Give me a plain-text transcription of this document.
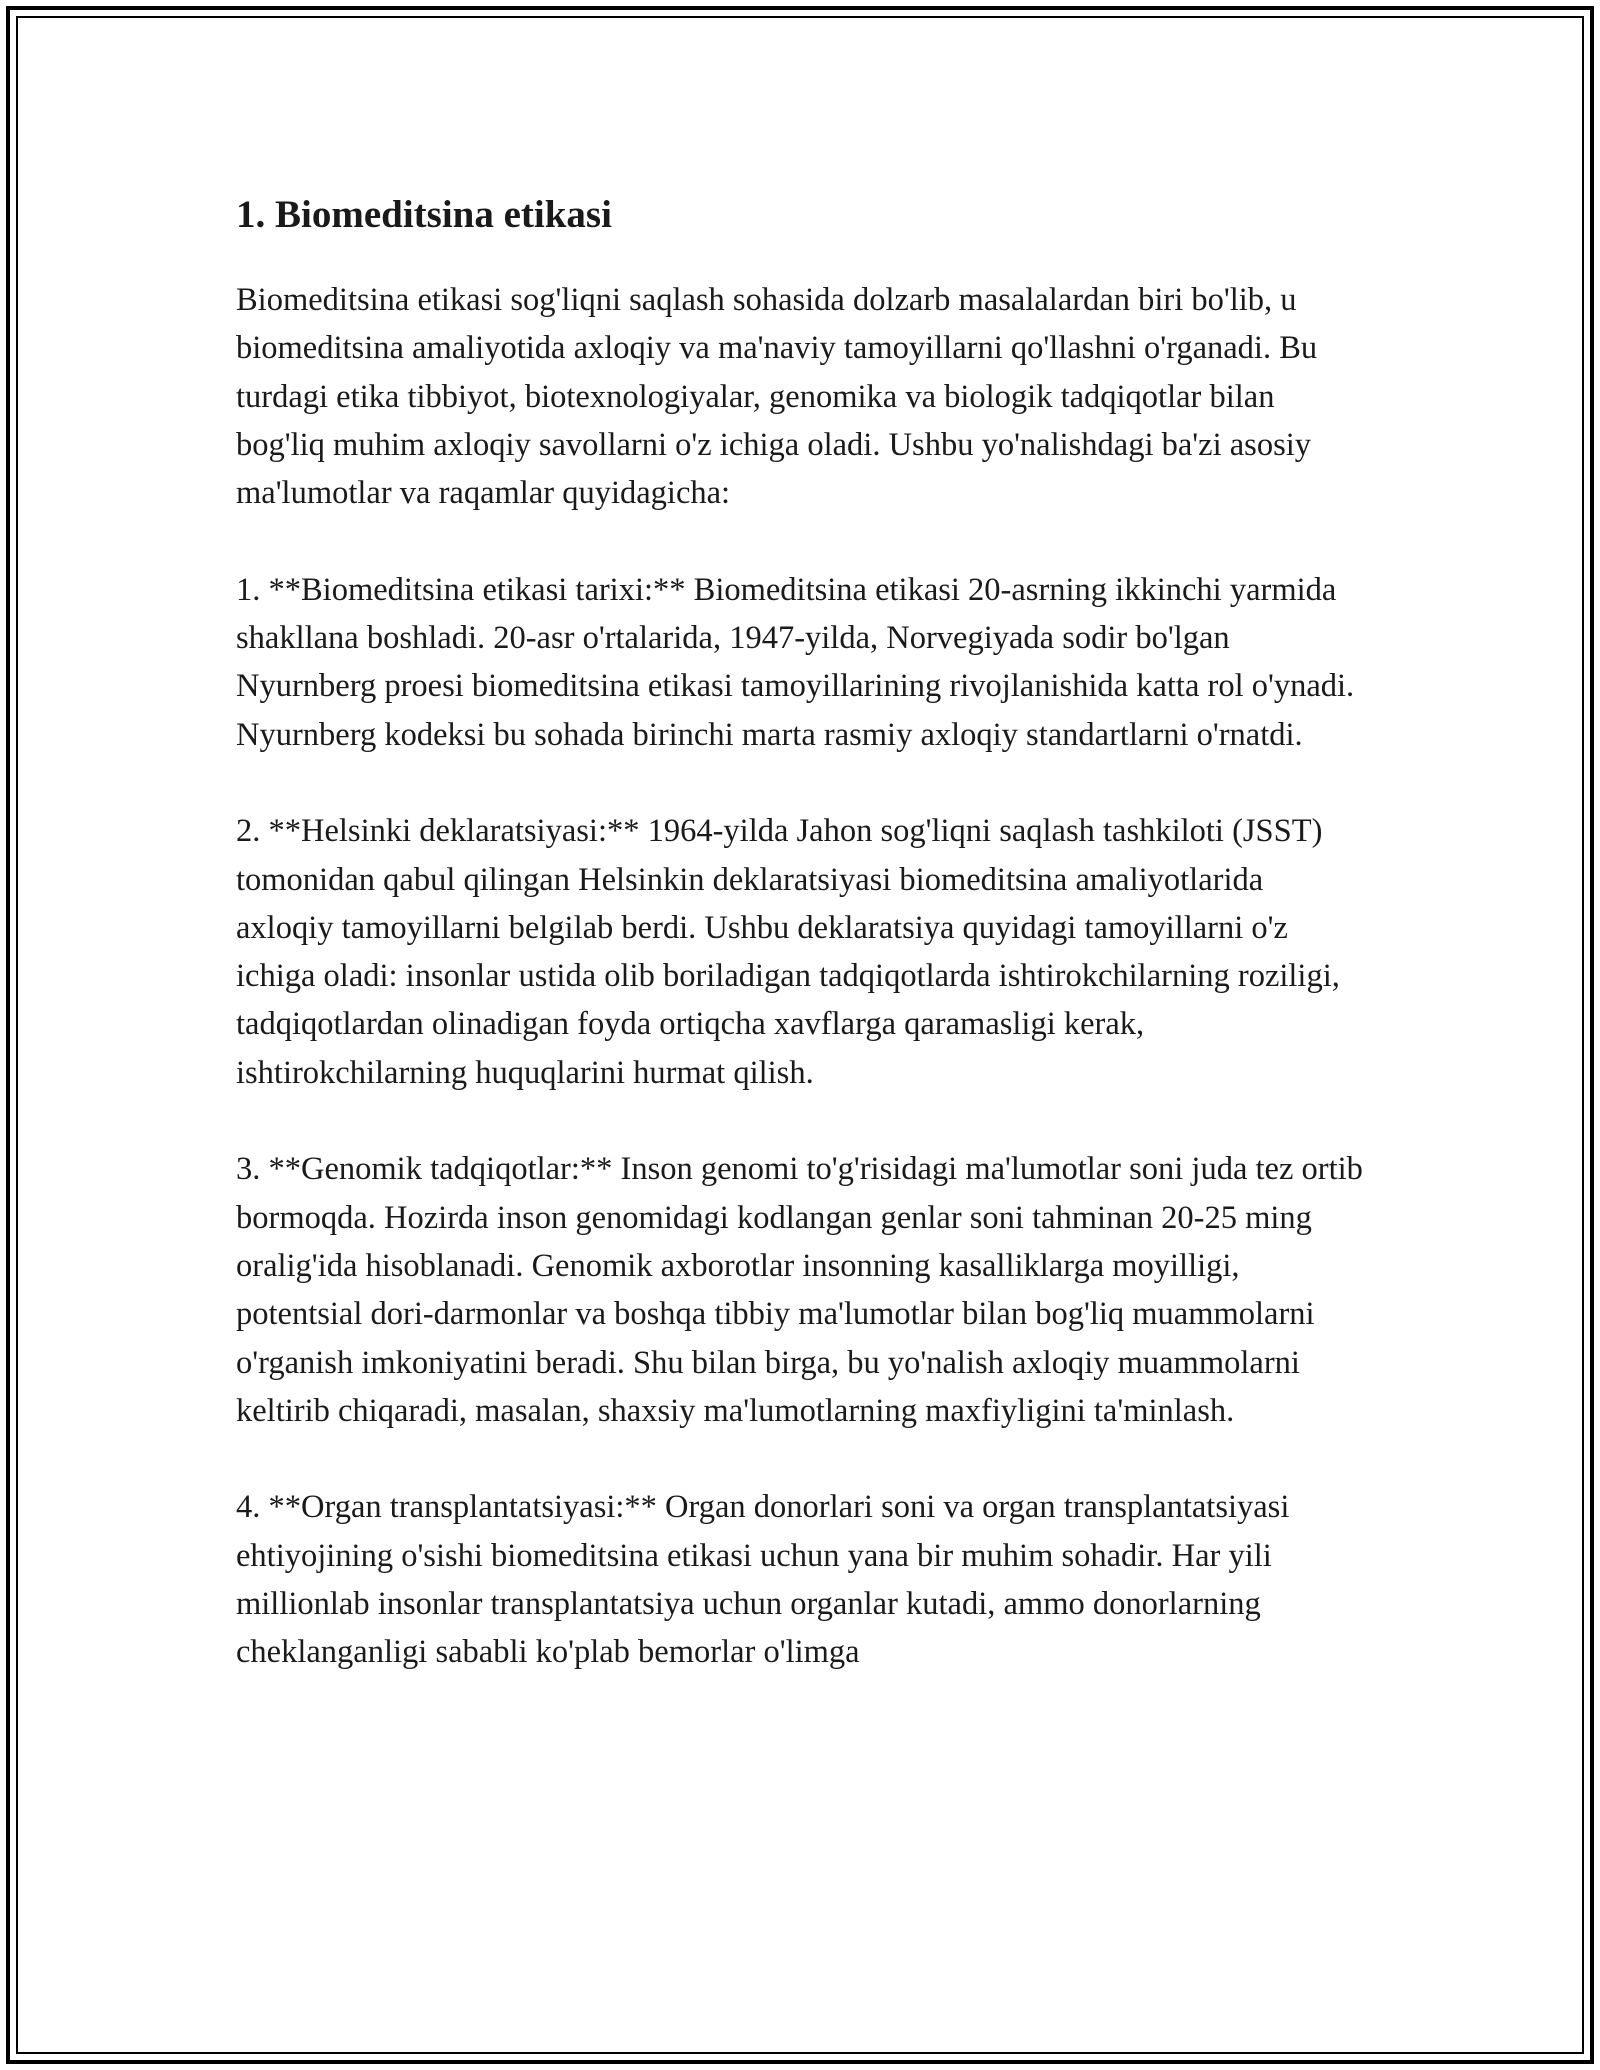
1. Biomeditsina etikasi

Biomeditsina etikasi sog'liqni saqlash sohasida dolzarb masalalardan biri bo'lib, u biomeditsina amaliyotida axloqiy va ma'naviy tamoyillarni qo'llashni o'rganadi. Bu turdagi etika tibbiyot, biotexnologiyalar, genomika va biologik tadqiqotlar bilan bog'liq muhim axloqiy savollarni o'z ichiga oladi. Ushbu yo'nalishdagi ba'zi asosiy ma'lumotlar va raqamlar quyidagicha:

1. **Biomeditsina etikasi tarixi:** Biomeditsina etikasi 20-asrning ikkinchi yarmida shakllana boshladi. 20-asr o'rtalarida, 1947-yilda, Norvegiyada sodir bo'lgan Nyurnberg proesi biomeditsina etikasi tamoyillarining rivojlanishida katta rol o'ynadi. Nyurnberg kodeksi bu sohada birinchi marta rasmiy axloqiy standartlarni o'rnatdi.

2. **Helsinki deklaratsiyasi:** 1964-yilda Jahon sog'liqni saqlash tashkiloti (JSST) tomonidan qabul qilingan Helsinkin deklaratsiyasi biomeditsina amaliyotlarida axloqiy tamoyillarni belgilab berdi. Ushbu deklaratsiya quyidagi tamoyillarni o'z ichiga oladi: insonlar ustida olib boriladigan tadqiqotlarda ishtirokchilarning roziligi, tadqiqotlardan olinadigan foyda ortiqcha xavflarga qaramasligi kerak, ishtirokchilarning huquqlarini hurmat qilish.

3. **Genomik tadqiqotlar:** Inson genomi to'g'risidagi ma'lumotlar soni juda tez ortib bormoqda. Hozirda inson genomidagi kodlangan genlar soni tahminan 20-25 ming oralig'ida hisoblanadi. Genomik axborotlar insonning kasalliklarga moyilligi, potentsial dori-darmonlar va boshqa tibbiy ma'lumotlar bilan bog'liq muammolarni o'rganish imkoniyatini beradi. Shu bilan birga, bu yo'nalish axloqiy muammolarni keltirib chiqaradi, masalan, shaxsiy ma'lumotlarning maxfiyligini ta'minlash.

4. **Organ transplantatsiyasi:** Organ donorlari soni va organ transplantatsiyasi ehtiyojining o'sishi biomeditsina etikasi uchun yana bir muhim sohadir. Har yili millionlab insonlar transplantatsiya uchun organlar kutadi, ammo donorlarning cheklanganligi sababli ko'plab bemorlar o'limga
